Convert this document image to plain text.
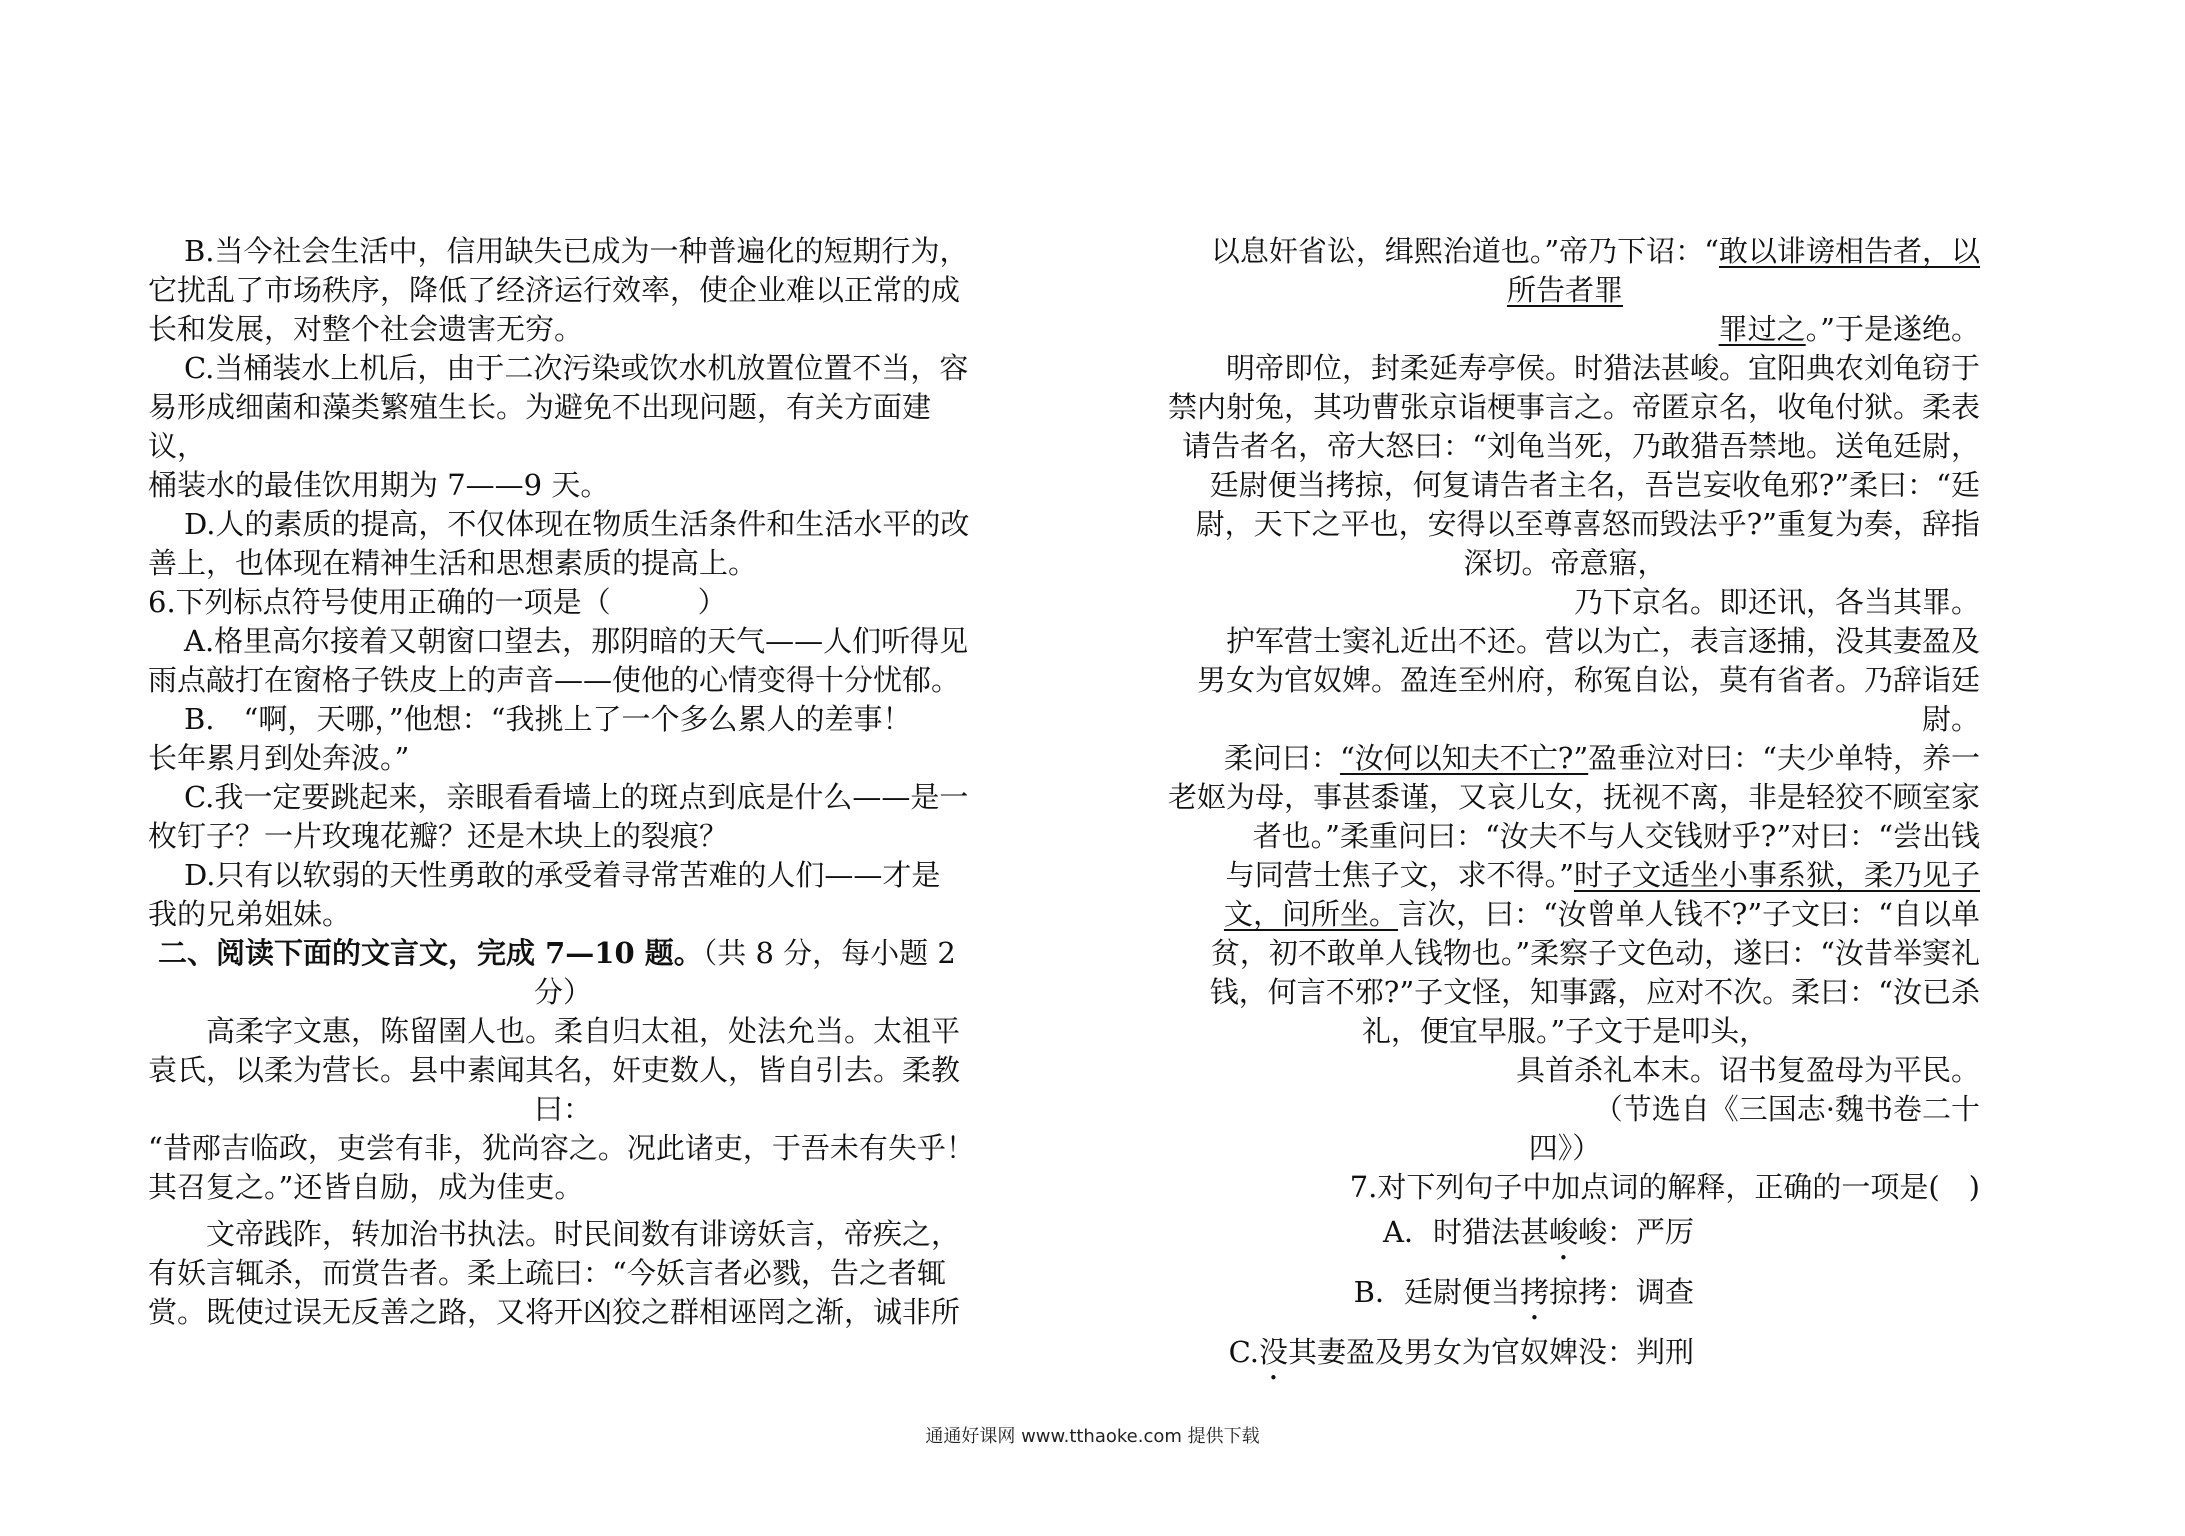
B.当今社会生活中，信用缺失已成为一种普遍化的短期行为，

它扰乱了市场秩序，降低了经济运行效率，使企业难以正常的成

长和发展，对整个社会遗害无穷。

C.当桶装水上机后，由于二次污染或饮水机放置位置不当，容

易形成细菌和藻类繁殖生长。为避免不出现问题，有关方面建议，

桶装水的最佳饮用期为 7——9 天。

D.人的素质的提高，不仅体现在物质生活条件和生活水平的改

善上，也体现在精神生活和思想素质的提高上。

6.下列标点符号使用正确的一项是（　　　）

A.格里高尔接着又朝窗口望去，那阴暗的天气——人们听得见

雨点敲打在窗格子铁皮上的声音——使他的心情变得十分忧郁。

B.　“啊，天哪，”他想：“我挑上了一个多么累人的差事！

长年累月到处奔波。”

C.我一定要跳起来，亲眼看看墙上的斑点到底是什么——是一

枚钉子？一片玫瑰花瓣？还是木块上的裂痕？

D.只有以软弱的天性勇敢的承受着寻常苦难的人们——才是

我的兄弟姐妹。

二、阅读下面的文言文，完成 7—10 题。（共 8 分，每小题 2

分）

高柔字文惠，陈留圉人也。柔自归太祖，处法允当。太祖平

袁氏，以柔为营长。县中素闻其名，奸吏数人，皆自引去。柔教

曰：

“昔邴吉临政，吏尝有非，犹尚容之。况此诸吏，于吾未有失乎！

其召复之。”还皆自励，成为佳吏。

文帝践阼，转加治书执法。时民间数有诽谤妖言，帝疾之，

有妖言辄杀，而赏告者。柔上疏曰：“今妖言者必戮，告之者辄

赏。既使过误无反善之路，又将开凶狡之群相诬罔之渐，诚非所

以息奸省讼，缉熙治道也。”帝乃下诏：“敢以诽谤相告者，以

所告者罪

罪过之。”于是遂绝。

明帝即位，封柔延寿亭侯。时猎法甚峻。宜阳典农刘龟窃于

禁内射兔，其功曹张京诣梗事言之。帝匿京名，收龟付狱。柔表

请告者名，帝大怒曰：“刘龟当死，乃敢猎吾禁地。送龟廷尉，

廷尉便当拷掠，何复请告者主名，吾岂妄收龟邪?”柔曰：“廷

尉，天下之平也，安得以至尊喜怒而毁法乎?”重复为奏，辞指

深切。帝意寤，

乃下京名。即还讯，各当其罪。

护军营士窦礼近出不还。营以为亡，表言逐捕，没其妻盈及

男女为官奴婢。盈连至州府，称冤自讼，莫有省者。乃辞诣廷尉。

柔问曰：“汝何以知夫不亡?”盈垂泣对曰：“夫少单特，养一

老妪为母，事甚黍谨，又哀儿女，抚视不离，非是轻狡不顾室家

者也。”柔重问曰：“汝夫不与人交钱财乎?”对曰：“尝出钱

与同营士焦子文，求不得。”时子文适坐小事系狱，柔乃见子

文，问所坐。言次，曰：“汝曾单人钱不?”子文曰：“自以单

贫，初不敢单人钱物也。”柔察子文色动，遂曰：“汝昔举窦礼

钱，何言不邪?”子文怪，知事露，应对不次。柔曰：“汝已杀

礼，便宜早服。”子文于是叩头，

具首杀礼本末。诏书复盈母为平民。

（节选自《三国志·魏书卷二十

四》）

7.对下列句子中加点词的解释，正确的一项是(　)

A．时猎法甚峻 峻：严厉

B．廷尉便当拷掠 拷：调查

C.没其妻盈及男女为官奴婢 没：判刑

通通好课网 www.tthaoke.com 提供下载
